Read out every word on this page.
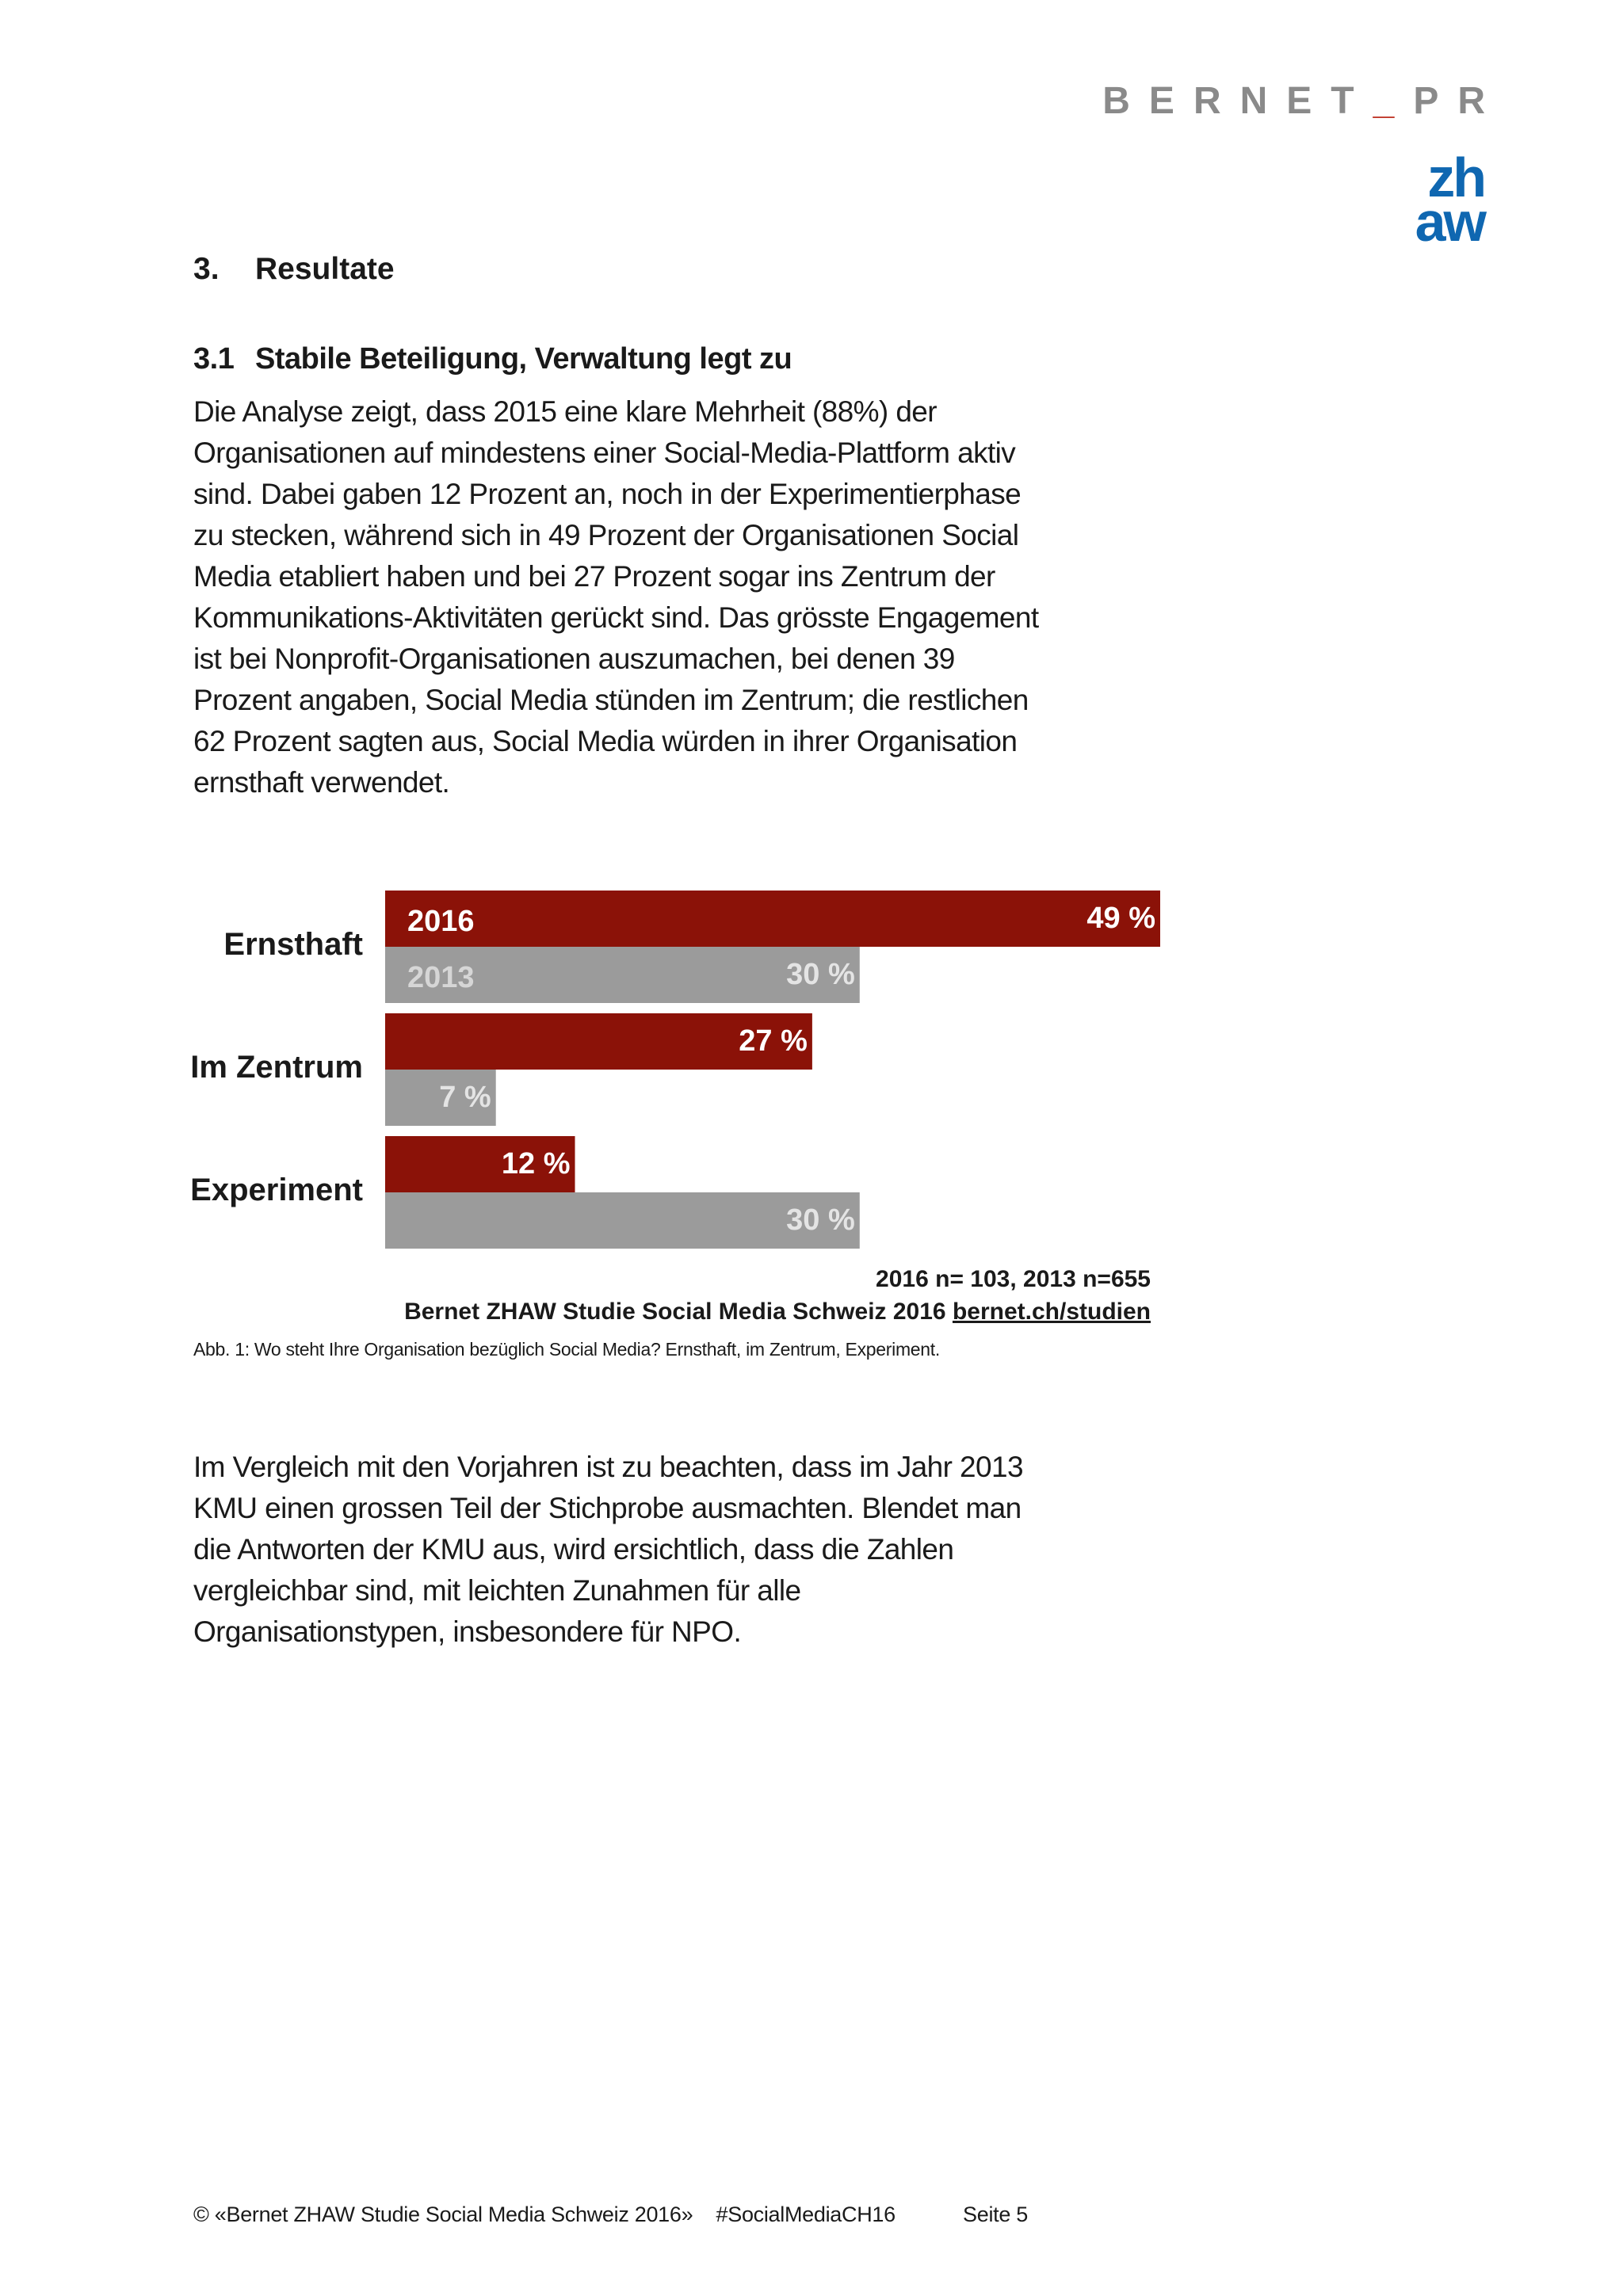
BERNET_PR
zh
aw
3. Resultate
3.1 Stabile Beteiligung, Verwaltung legt zu

Die Analyse zeigt, dass 2015 eine klare Mehrheit (88%) der Organisationen auf mindestens einer Social-Media-Plattform aktiv sind. Dabei gaben 12 Prozent an, noch in der Experimentierphase zu stecken, während sich in 49 Prozent der Organisationen Social Media etabliert haben und bei 27 Prozent sogar ins Zentrum der Kommunikations-Aktivitäten gerückt sind. Das grösste Engagement ist bei Nonprofit-Organisationen auszumachen, bei denen 39 Prozent angaben, Social Media stünden im Zentrum; die restlichen 62 Prozent sagten aus, Social Media würden in ihrer Organisation ernsthaft verwendet.

Ernsthaft
49 %
2016
30 %
2013
Im Zentrum
27 %
7 %
Experiment
12 %
30 %
2016 n= 103, 2013 n=655
Bernet ZHAW Studie Social Media Schweiz 2016 bernet.ch/studien
Abb. 1: Wo steht Ihre Organisation bezüglich Social Media? Ernsthaft, im Zentrum, Experiment.

Im Vergleich mit den Vorjahren ist zu beachten, dass im Jahr 2013 KMU einen grossen Teil der Stichprobe ausmachten. Blendet man die Antworten der KMU aus, wird ersichtlich, dass die Zahlen vergleichbar sind, mit leichten Zunahmen für alle Organisationstypen, insbesondere für NPO.

© «Bernet ZHAW Studie Social Media Schweiz 2016» #SocialMediaCH16	Seite 5
